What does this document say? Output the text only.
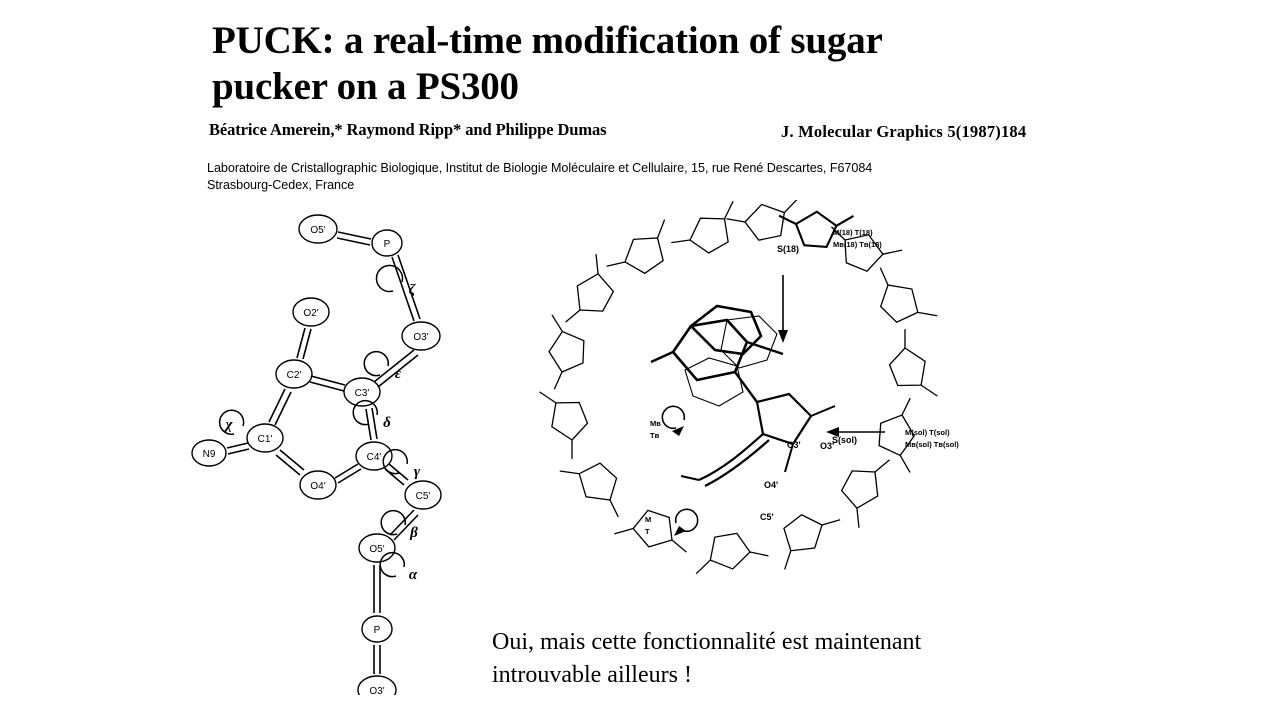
PUCK: a real-time modification of sugar pucker on a PS300
Béatrice Amerein,* Raymond Ripp* and Philippe Dumas	J. Molecular Graphics 5(1987)184
Laboratoire de Cristallographic Biologique, Institut de Biologie Moléculaire et Cellulaire, 15, rue René Descartes, F67084 Strasbourg-Cedex, France
O5'
P
O3'
O2'
C2'
C3'
C1'
N9
O4'
C4'
C5'
O5'
P
O3'
ζ
ε
δ
γ
β
α
χ
M(18) T(18)
Mʙ(18) Tʙ(18)
S(18)
Mʙ
Tʙ	M(sol) T(sol)
Mʙ(sol) Tʙ(sol)
S(sol)
C3' O3'
O4'
C5'
M
T
Oui, mais cette fonctionnalité est maintenant introuvable ailleurs !
